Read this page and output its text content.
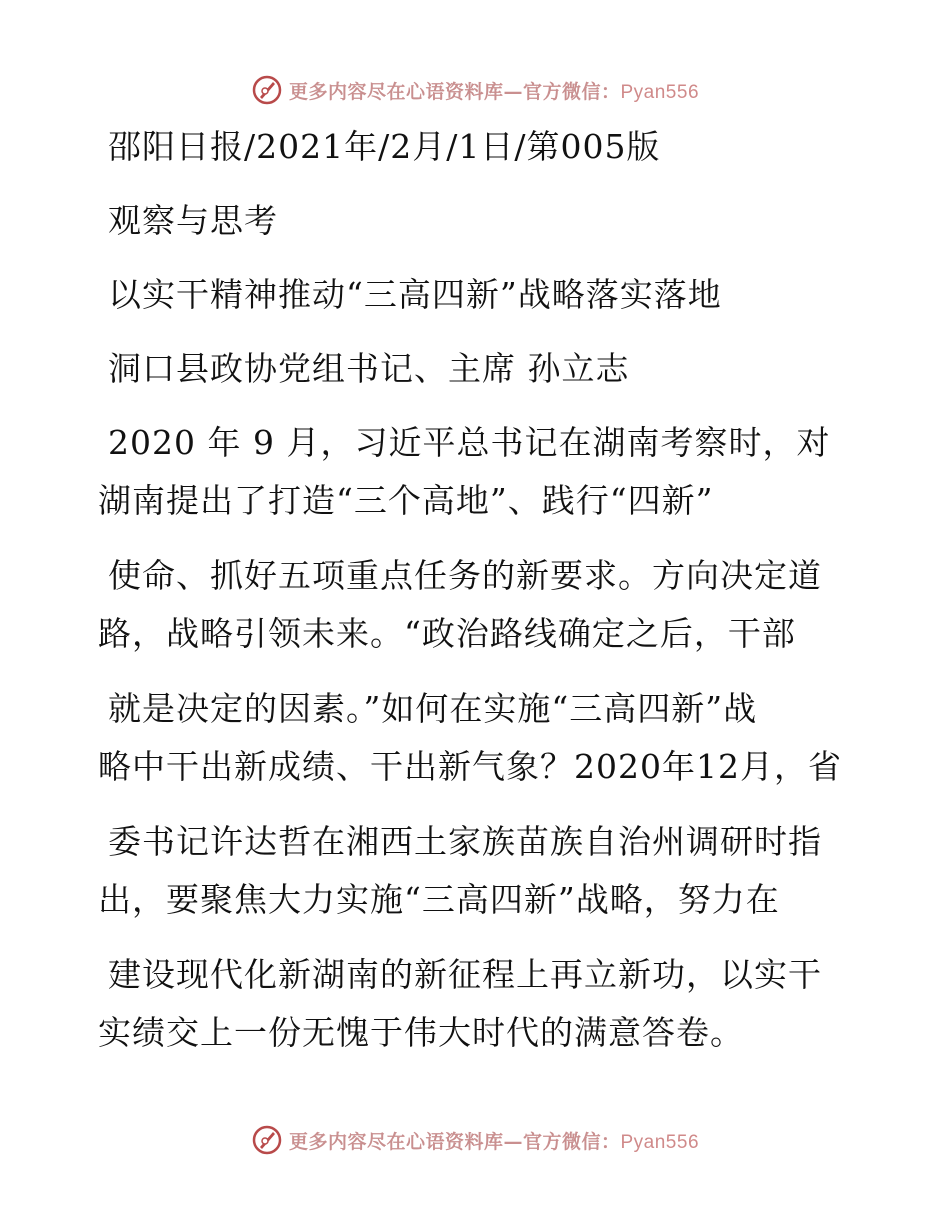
更多内容尽在心语资料库—官方微信：Pyan556
邵阳日报/2021年/2月/1日/第005版
观察与思考
以实干精神推动“三高四新”战略落实落地
洞口县政协党组书记、主席 孙立志
2020 年 9 月，习近平总书记在湖南考察时，对
湖南提出了打造“三个高地”、践行“四新”
使命、抓好五项重点任务的新要求。方向决定道
路，战略引领未来。“政治路线确定之后，干部
就是决定的因素。”如何在实施“三高四新”战
略中干出新成绩、干出新气象？2020年12月，省
委书记许达哲在湘西土家族苗族自治州调研时指
出，要聚焦大力实施“三高四新”战略，努力在
建设现代化新湖南的新征程上再立新功，以实干
实绩交上一份无愧于伟大时代的满意答卷。
更多内容尽在心语资料库—官方微信：Pyan556
